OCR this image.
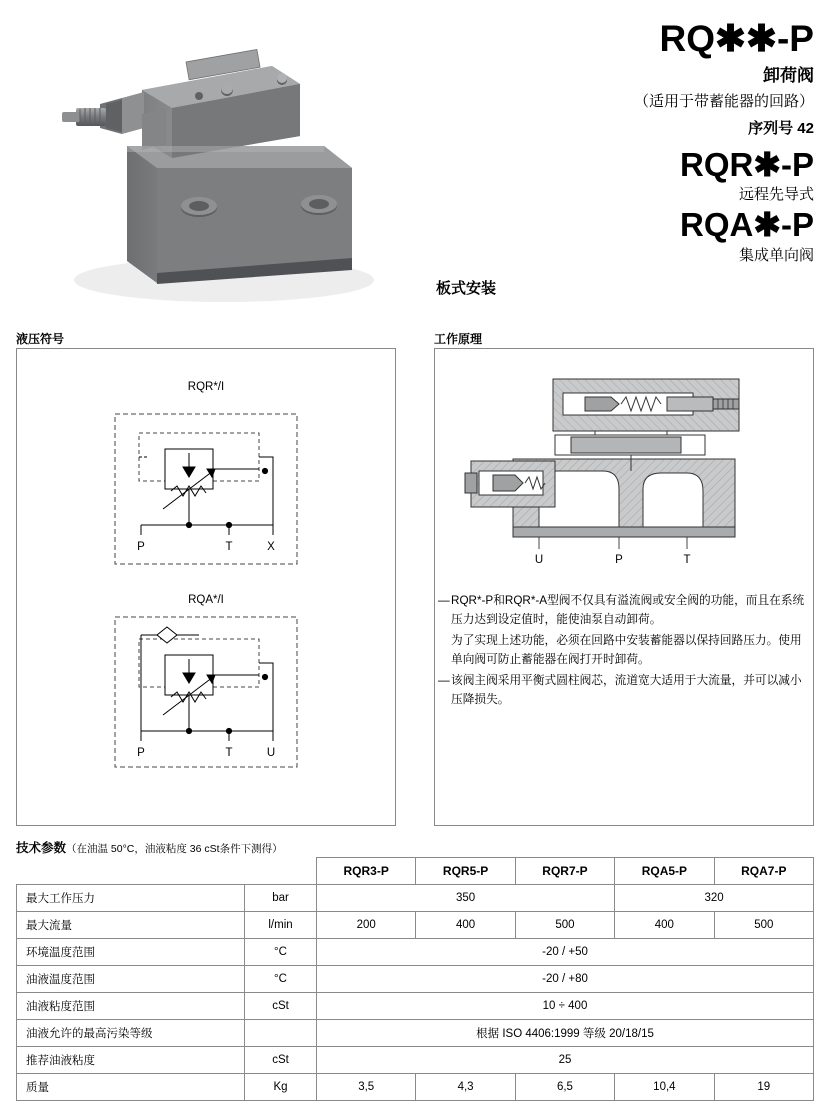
RQ✱✱-P
卸荷阀
（适用于带蓄能器的回路）
序列号 42
RQR✱-P
远程先导式
RQA✱-P
集成单向阀
板式安装
液压符号	工作原理
RQR*/I
P	T	X
RQA*/I
P	T	U
U	P	T
— RQR*-P和RQR*-A型阀不仅具有溢流阀或安全阀的功能，而且在系统压力达到设定值时，能使油泵自动卸荷。
为了实现上述功能，必须在回路中安装蓄能器以保持回路压力。使用单向阀可防止蓄能器在阀打开时卸荷。
— 该阀主阀采用平衡式圆柱阀芯，流道宽大适用于大流量，并可以减小压降损失。
技术参数（在油温 50°C，油液粘度 36 cSt条件下测得）
		RQR3-P	RQR5-P	RQR7-P	RQA5-P	RQA7-P
最大工作压力	bar	350			320	
最大流量	l/min	200	400	500	400	500
环境温度范围	°C	-20 / +50				
油液温度范围	°C	-20 / +80				
油液粘度范围	cSt	10 ÷ 400				
油液允许的最高污染等级		根据 ISO 4406:1999 等级 20/18/15				
推荐油液粘度	cSt	25				
质量	Kg	3,5	4,3	6,5	10,4	19
